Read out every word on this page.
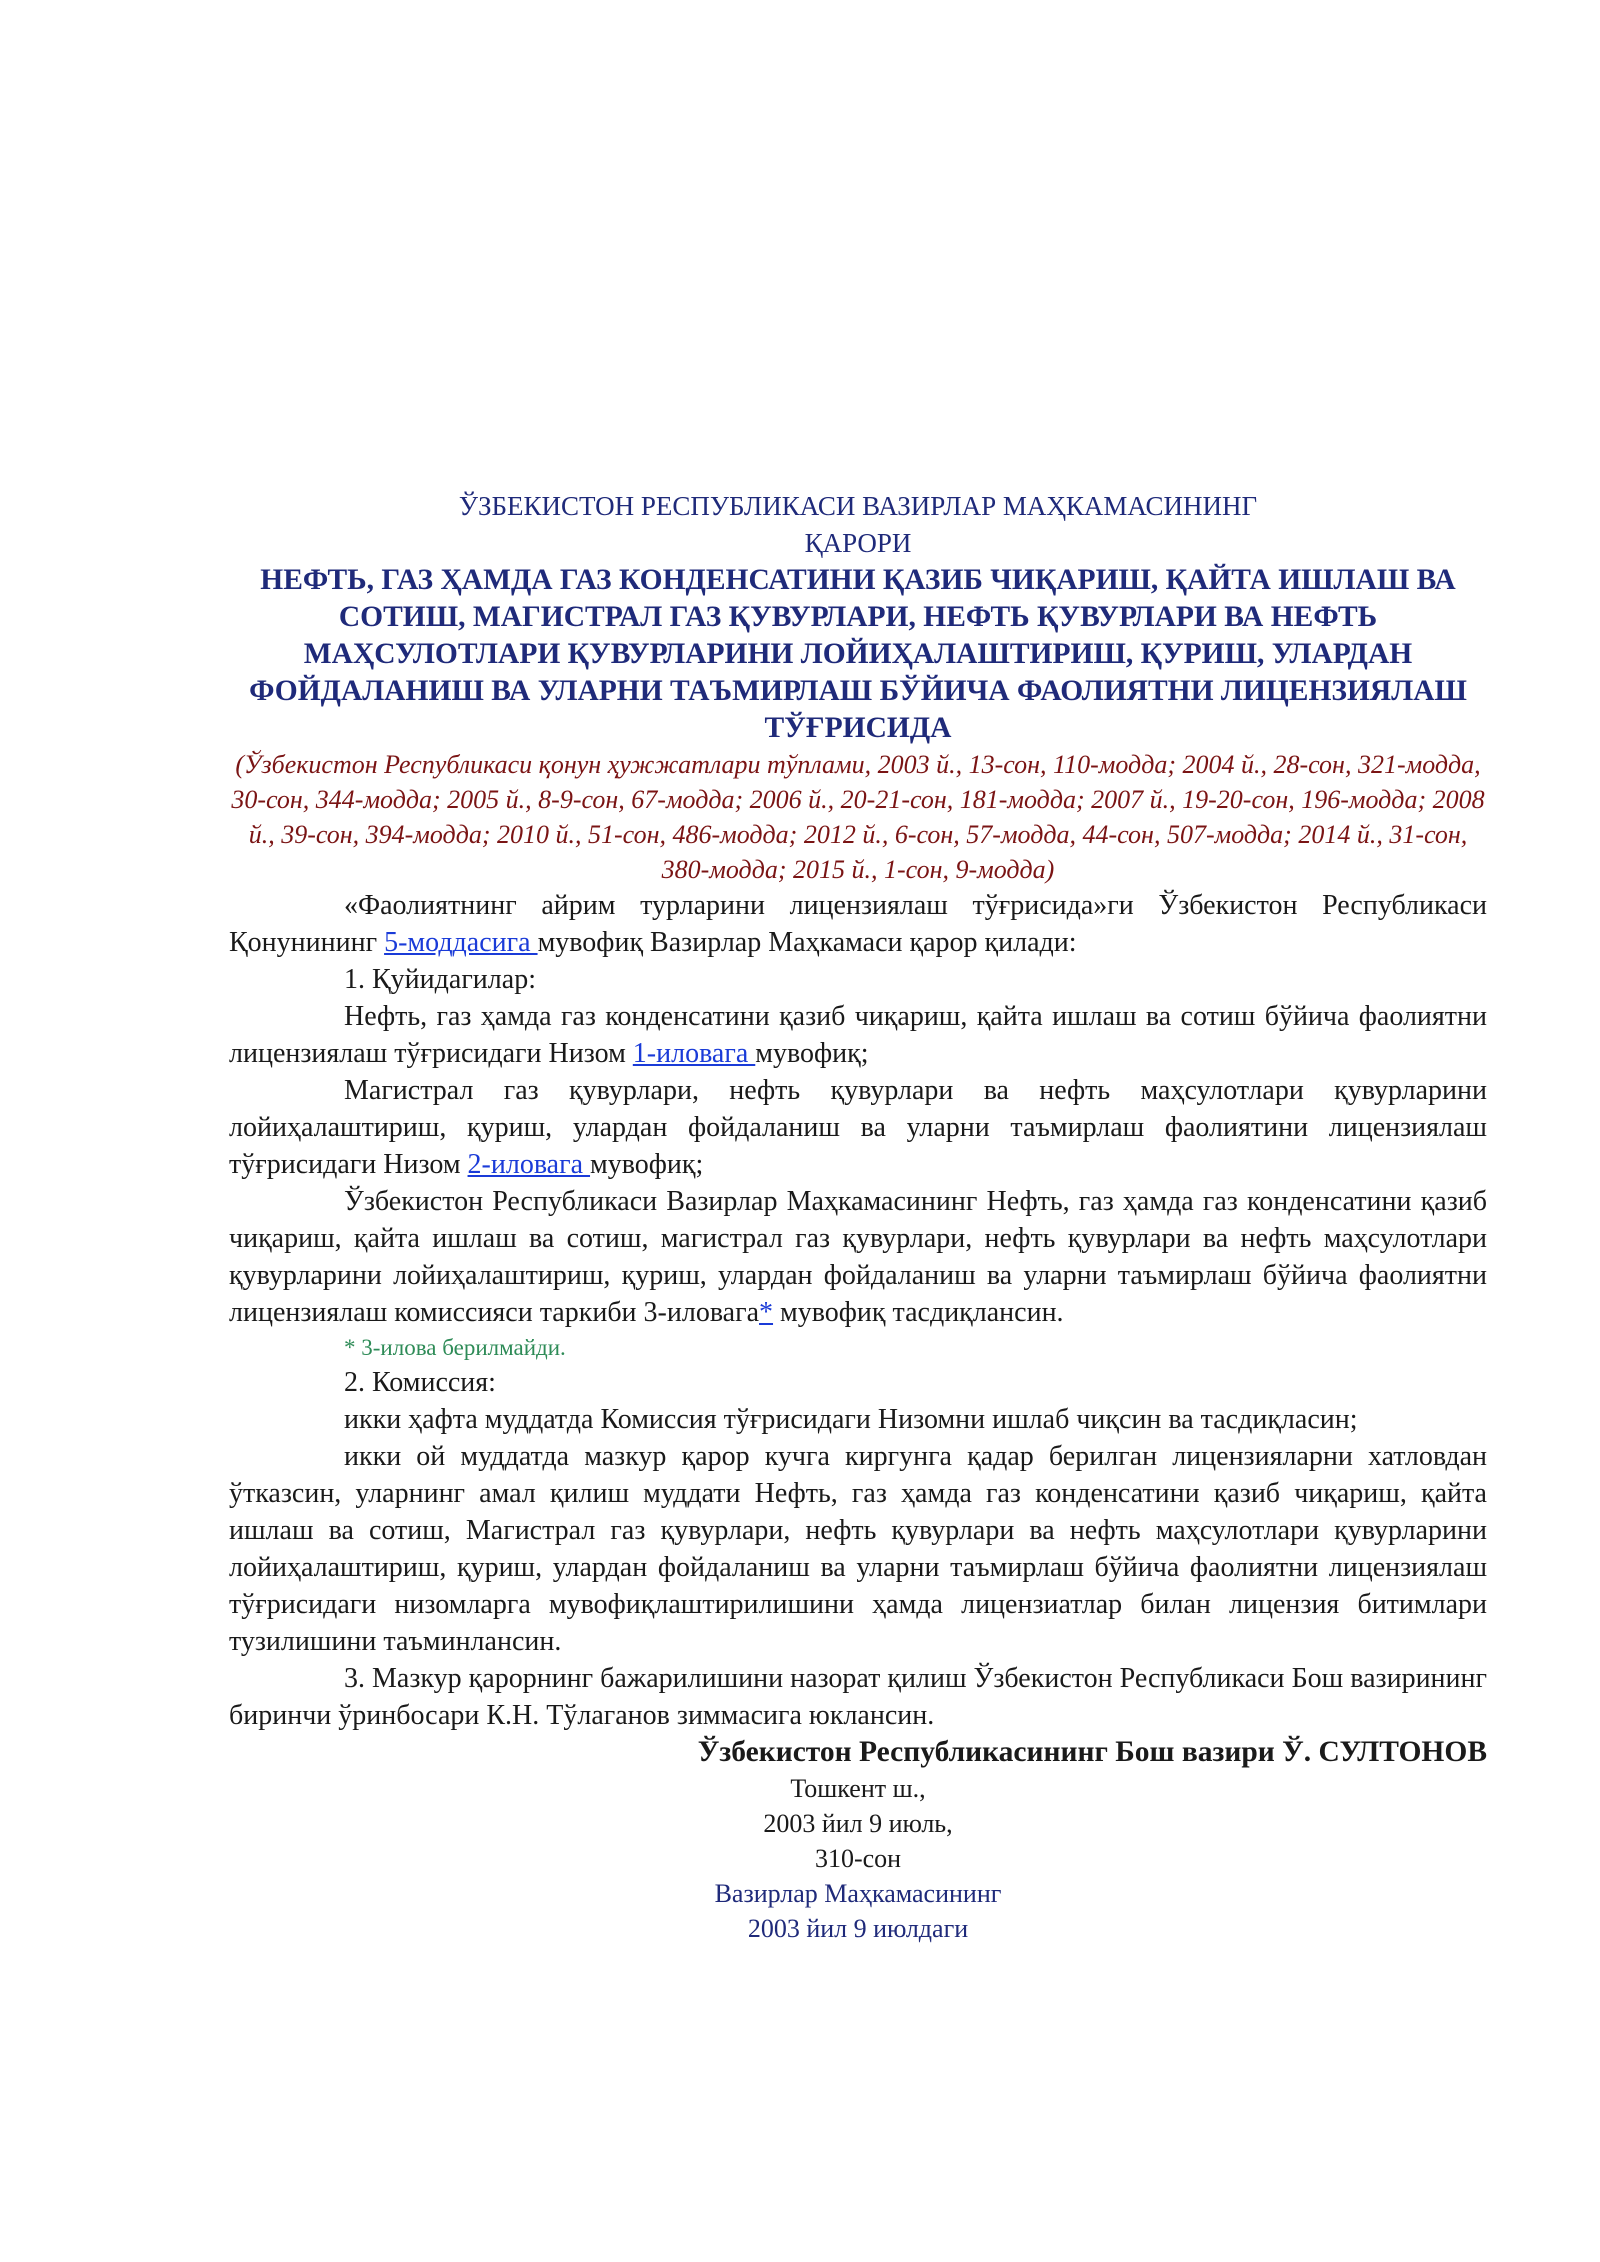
ЎЗБЕКИСТОН РЕСПУБЛИКАСИ ВАЗИРЛАР МАҲКАМАСИНИНГ

ҚАРОРИ

НЕФТЬ, ГАЗ ҲАМДА ГАЗ КОНДЕНСАТИНИ ҚАЗИБ ЧИҚАРИШ, ҚАЙТА ИШЛАШ ВА СОТИШ, МАГИСТРАЛ ГАЗ ҚУВУРЛАРИ, НЕФТЬ ҚУВУРЛАРИ ВА НЕФТЬ МАҲСУЛОТЛАРИ ҚУВУРЛАРИНИ ЛОЙИҲАЛАШТИРИШ, ҚУРИШ, УЛАРДАН ФОЙДАЛАНИШ ВА УЛАРНИ ТАЪМИРЛАШ БЎЙИЧА ФАОЛИЯТНИ ЛИЦЕНЗИЯЛАШ ТЎҒРИСИДА

(Ўзбекистон Республикаси қонун ҳужжатлари тўплами, 2003 й., 13-сон, 110-модда; 2004 й., 28-сон, 321-модда, 30-сон, 344-модда; 2005 й., 8-9-сон, 67-модда; 2006 й., 20-21-сон, 181-модда; 2007 й., 19-20-сон, 196-модда; 2008 й., 39-сон, 394-модда; 2010 й., 51-сон, 486-модда; 2012 й., 6-сон, 57-модда, 44-сон, 507-модда; 2014 й., 31-сон, 380-модда; 2015 й., 1-сон, 9-модда)

«Фаолиятнинг айрим турларини лицензиялаш тўғрисида»ги Ўзбекистон Республикаси Қонунининг 5-моддасига мувофиқ Вазирлар Маҳкамаси қарор қилади:

1. Қуйидагилар:

Нефть, газ ҳамда газ конденсатини қазиб чиқариш, қайта ишлаш ва сотиш бўйича фаолиятни лицензиялаш тўғрисидаги Низом 1-иловага мувофиқ;

Магистрал газ қувурлари, нефть қувурлари ва нефть маҳсулотлари қувурларини лойиҳалаштириш, қуриш, улардан фойдаланиш ва уларни таъмирлаш фаолиятини лицензиялаш тўғрисидаги Низом 2-иловага мувофиқ;

Ўзбекистон Республикаси Вазирлар Маҳкамасининг Нефть, газ ҳамда газ конденсатини қазиб чиқариш, қайта ишлаш ва сотиш, магистрал газ қувурлари, нефть қувурлари ва нефть маҳсулотлари қувурларини лойиҳалаштириш, қуриш, улардан фойдаланиш ва уларни таъмирлаш бўйича фаолиятни лицензиялаш комиссияси таркиби 3-иловага* мувофиқ тасдиқлансин.

* 3-илова берилмайди.

2. Комиссия:

икки ҳафта муддатда Комиссия тўғрисидаги Низомни ишлаб чиқсин ва тасдиқласин;

икки ой муддатда мазкур қарор кучга киргунга қадар берилган лицензияларни хатловдан ўтказсин, уларнинг амал қилиш муддати Нефть, газ ҳамда газ конденсатини қазиб чиқариш, қайта ишлаш ва сотиш, Магистрал газ қувурлари, нефть қувурлари ва нефть маҳсулотлари қувурларини лойиҳалаштириш, қуриш, улардан фойдаланиш ва уларни таъмирлаш бўйича фаолиятни лицензиялаш тўғрисидаги низомларга мувофиқлаштирилишини ҳамда лицензиатлар билан лицензия битимлари тузилишини таъминлансин.

3. Мазкур қарорнинг бажарилишини назорат қилиш Ўзбекистон Республикаси Бош вазирининг биринчи ўринбосари К.Н. Тўлаганов зиммасига юклансин.

Ўзбекистон Республикасининг Бош вазири Ў. СУЛТОНОВ

Тошкент ш.,

2003 йил 9 июль,

310-сон

Вазирлар Маҳкамасининг

2003 йил 9 июлдаги
